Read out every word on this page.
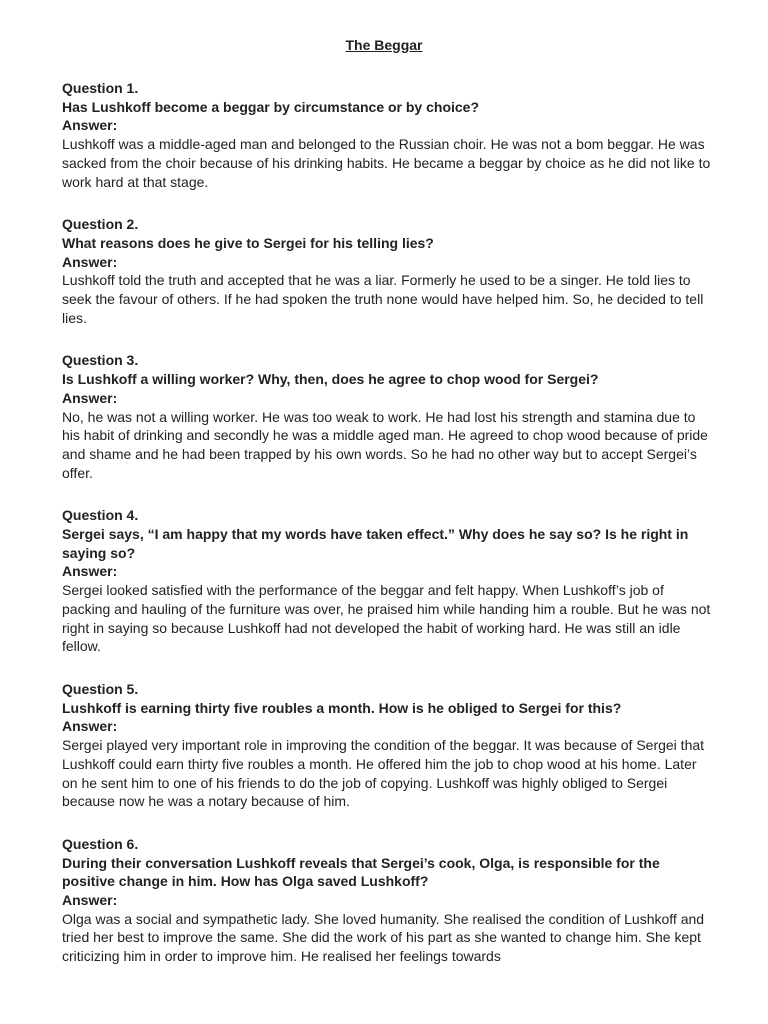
The Beggar

Question 1.

Has Lushkoff become a beggar by circumstance or by choice?

Answer:

Lushkoff was a middle-aged man and belonged to the Russian choir. He was not a bom beggar. He was sacked from the choir because of his drinking habits. He became a beggar by choice as he did not like to work hard at that stage.

Question 2.

What reasons does he give to Sergei for his telling lies?

Answer:

Lushkoff told the truth and accepted that he was a liar. Formerly he used to be a singer. He told lies to seek the favour of others. If he had spoken the truth none would have helped him. So, he decided to tell lies.

Question 3.

Is Lushkoff a willing worker? Why, then, does he agree to chop wood for Sergei?

Answer:

No, he was not a willing worker. He was too weak to work. He had lost his strength and stamina due to his habit of drinking and secondly he was a middle aged man. He agreed to chop wood because of pride and shame and he had been trapped by his own words. So he had no other way but to accept Sergei’s offer.

Question 4.

Sergei says, “I am happy that my words have taken effect.” Why does he say so? Is he right in saying so?

Answer:

Sergei looked satisfied with the performance of the beggar and felt happy. When Lushkoff’s job of packing and hauling of the furniture was over, he praised him while handing him a rouble. But he was not right in saying so because Lushkoff had not developed the habit of working hard. He was still an idle fellow.

Question 5.

Lushkoff is earning thirty five roubles a month. How is he obliged to Sergei for this?

Answer:

Sergei played very important role in improving the condition of the beggar. It was because of Sergei that Lushkoff could earn thirty five roubles a month. He offered him the job to chop wood at his home. Later on he sent him to one of his friends to do the job of copying. Lushkoff was highly obliged to Sergei because now he was a notary because of him.

Question 6.

During their conversation Lushkoff reveals that Sergei’s cook, Olga, is responsible for the positive change in him. How has Olga saved Lushkoff?

Answer:

Olga was a social and sympathetic lady. She loved humanity. She realised the condition of Lushkoff and tried her best to improve the same. She did the work of his part as she wanted to change him. She kept criticizing him in order to improve him. He realised her feelings towards
